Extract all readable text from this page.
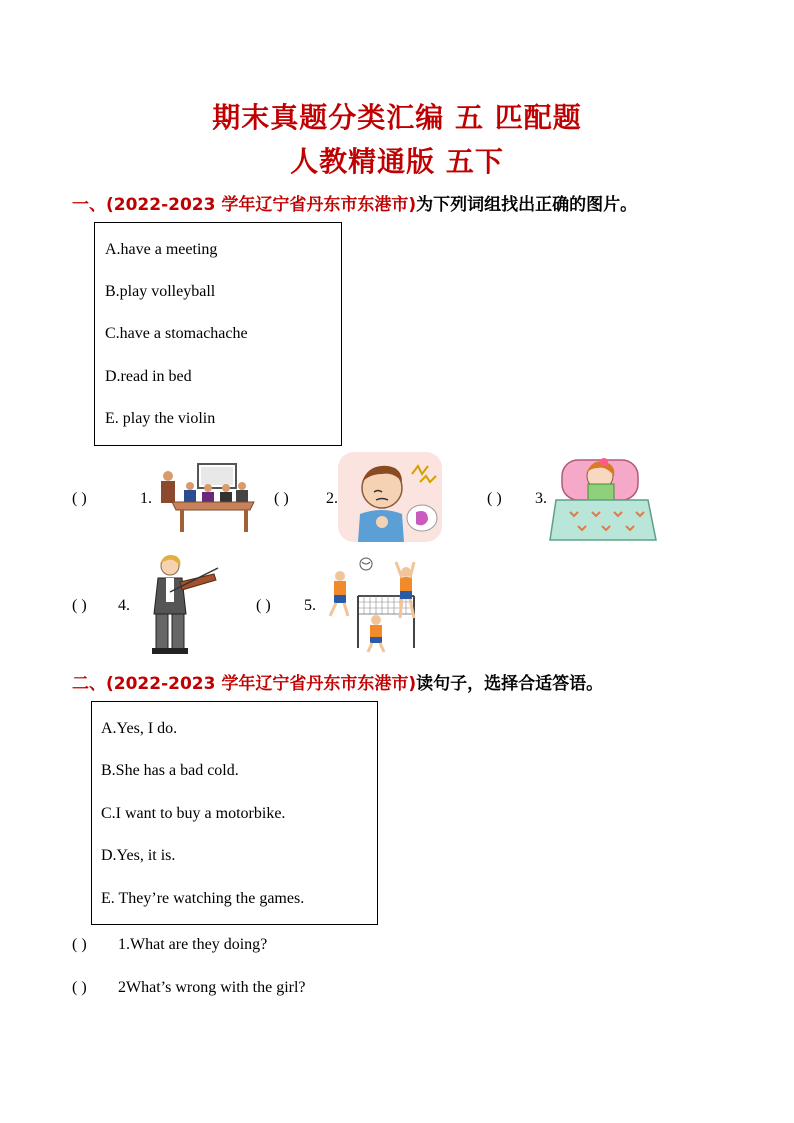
期末真题分类汇编 五 匹配题
人教精通版 五下
一、(2022-2023 学年辽宁省丹东市东港市)为下列词组找出正确的图片。
A.have a meeting
B.play volleyball
C.have a stomachache
D.read in bed
E. play the violin
( )	1.	( ) 2.	( ) 3.
( ) 4.	( ) 5.
二、(2022-2023 学年辽宁省丹东市东港市)读句子，选择合适答语。
A.Yes, I do.
B.She has a bad cold.
C.I want to buy a motorbike.
D.Yes, it is.
E. They’re watching the games.
( ) 1.What are they doing?
( ) 2What’s wrong with the girl?
